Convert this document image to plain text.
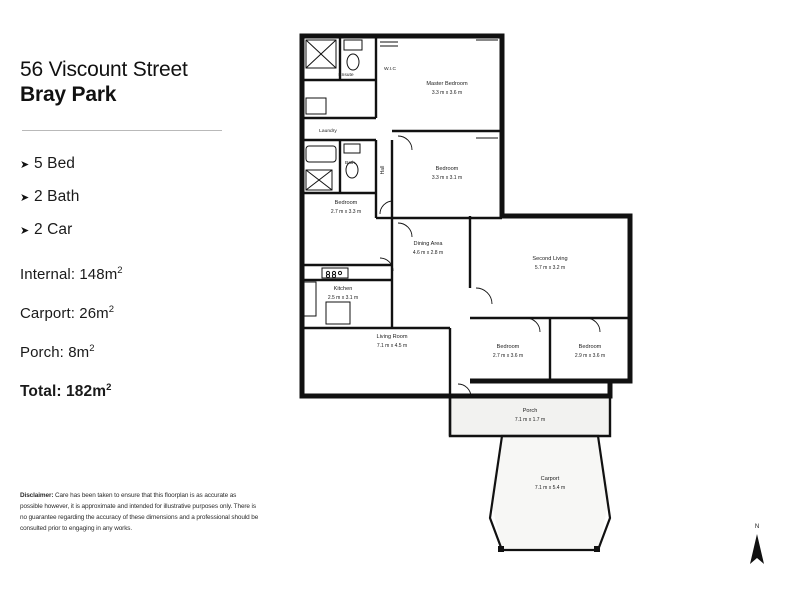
56 Viscount Street
Bray Park
➤ 5 Bed
➤ 2 Bath
➤ 2 Car
Internal: $148m^2$
Carport: $26m^2$
Porch: $8m^2$
Total: $182m^2$
Disclaimer: Care has been taken to ensure that this floorplan is as accurate as possible however, it is approximate and intended for illustrative purposes only. There is no guarantee regarding the accuracy of these dimensions and a professional should be consulted prior to engaging in any works.
Ensute
W.I.C
Master Bedroom
3.3 m x 3.6 m
Laundry
Bath
Hall	Bedroom
3.3 m x 3.1 m
Bedroom
2.7 m x 3.3 m
Dining Area
4.6 m x 2.8 m
Second Living
5.7 m x 3.2 m
Kitchen
2.5 m x 3.1 m
Living Room
7.1 m x 4.5 m	Bedroom
2.7 m x 3.6 m
Bedroom
2.9 m x 3.6 m
Porch
7.1 m x 1.7 m
Carport
7.1 m x 5.4 m
N
